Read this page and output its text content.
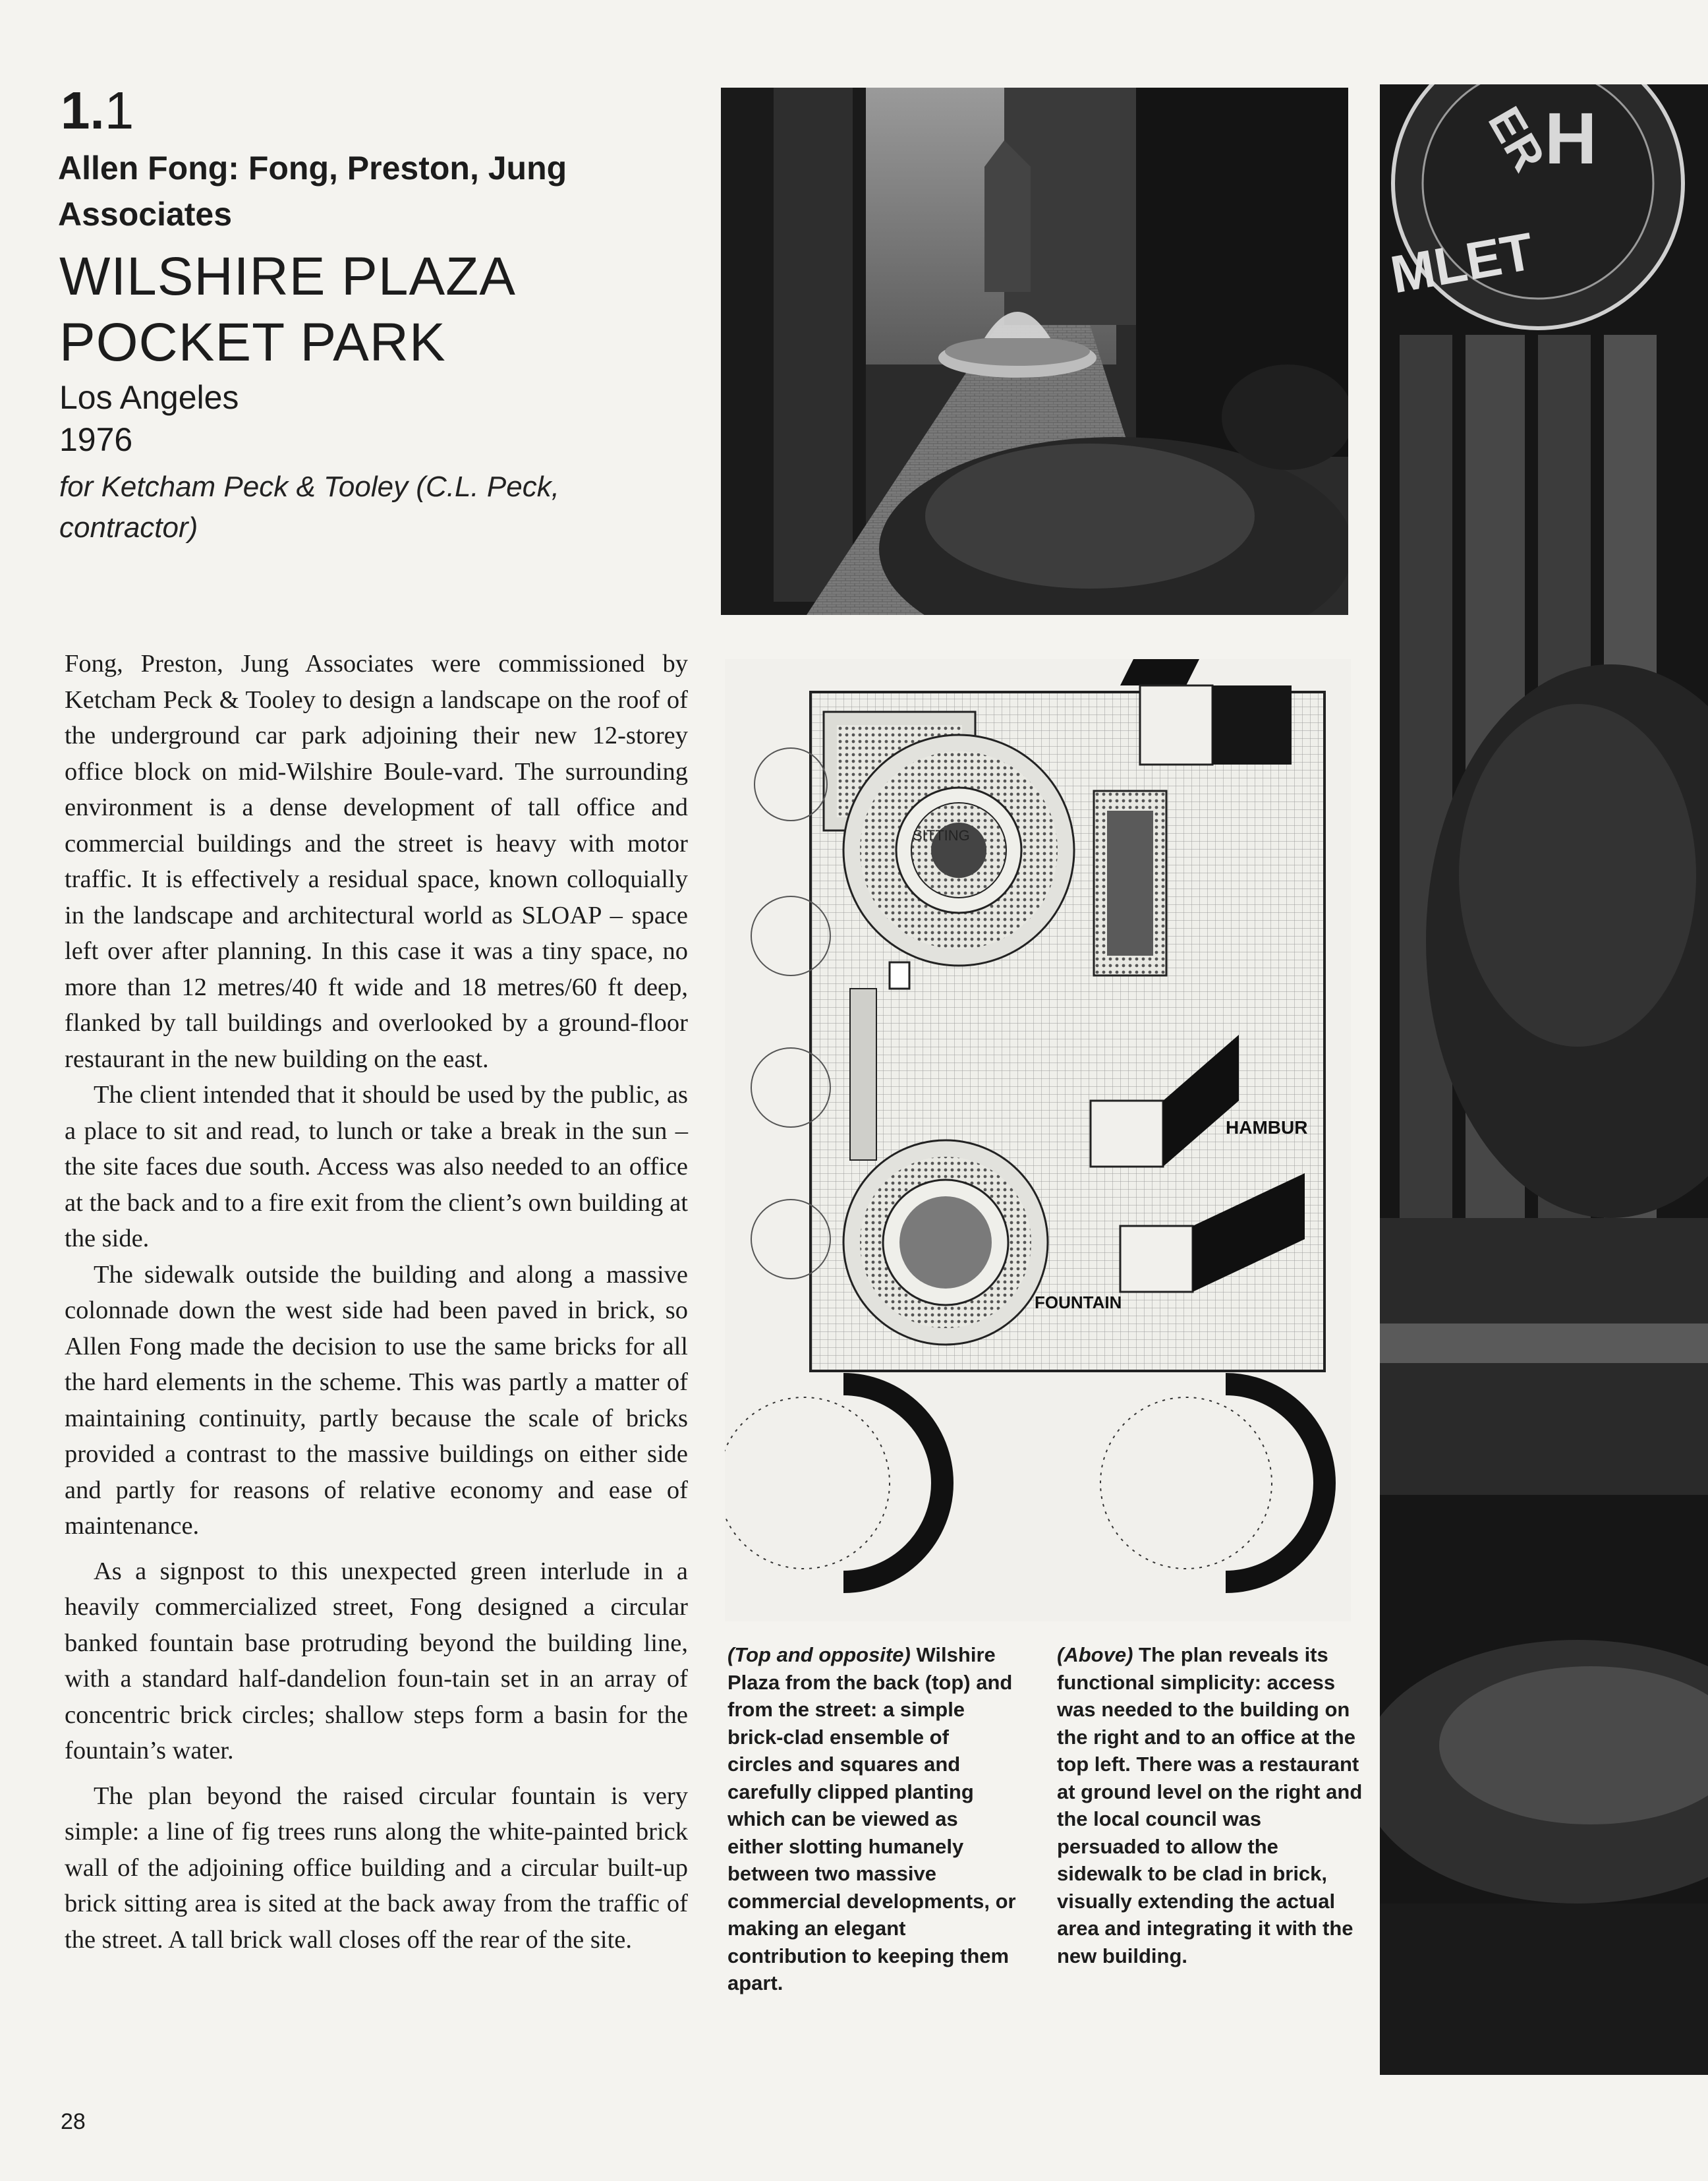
1.1
Allen Fong: Fong, Preston, Jung Associates
WILSHIRE PLAZA
POCKET PARK
Los Angeles
1976
for Ketcham Peck & Tooley (C.L. Peck, contractor)

Fong, Preston, Jung Associates were commissioned by Ketcham Peck & Tooley to design a landscape on the roof of the underground car park adjoining their new 12-storey office block on mid-Wilshire Boule-vard. The surrounding environment is a dense development of tall office and commercial buildings and the street is heavy with motor traffic. It is effectively a residual space, known colloquially in the landscape and architectural world as SLOAP – space left over after planning. In this case it was a tiny space, no more than 12 metres/40 ft wide and 18 metres/60 ft deep, flanked by tall buildings and overlooked by a ground-floor restaurant in the new building on the east.

The client intended that it should be used by the public, as a place to sit and read, to lunch or take a break in the sun – the site faces due south. Access was also needed to an office at the back and to a fire exit from the client’s own building at the side.

The sidewalk outside the building and along a massive colonnade down the west side had been paved in brick, so Allen Fong made the decision to use the same bricks for all the hard elements in the scheme. This was partly a matter of maintaining continuity, partly because the scale of bricks provided a contrast to the massive buildings on either side and partly for reasons of relative economy and ease of maintenance.

As a signpost to this unexpected green interlude in a heavily commercialized street, Fong designed a circular banked fountain base protruding beyond the building line, with a standard half-dandelion foun-tain set in an array of concentric brick circles; shallow steps form a basin for the fountain’s water.

The plan beyond the raised circular fountain is very simple: a line of fig trees runs along the white-painted brick wall of the adjoining office building and a circular built-up brick sitting area is sited at the back away from the traffic of the street. A tall brick wall closes off the rear of the site.

SITTING
HAMBUR
FOUNTAIN
H
ER
MLET
(Top and opposite) Wilshire Plaza from the back (top) and from the street: a simple brick-clad ensemble of circles and squares and carefully clipped planting which can be viewed as either slotting humanely between two massive commercial developments, or making an elegant contribution to keeping them apart.
(Above) The plan reveals its functional simplicity: access was needed to the building on the right and to an office at the top left. There was a restaurant at ground level on the right and the local council was persuaded to allow the sidewalk to be clad in brick, visually extending the actual area and integrating it with the new building.
28
